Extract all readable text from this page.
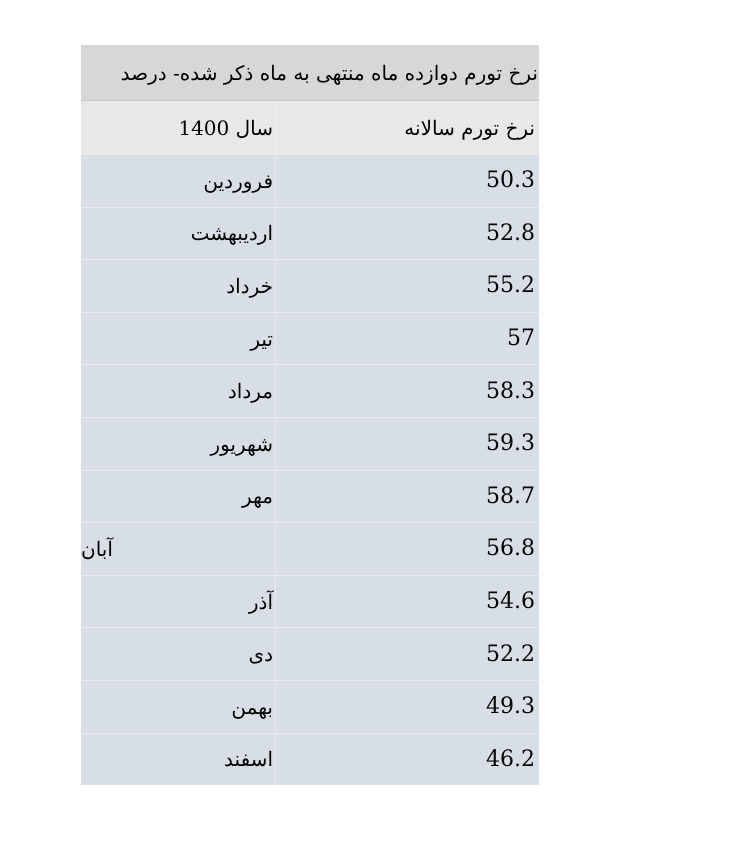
نرخ تورم دوازده ماه منتهی به ماه ذکر شده- درصد
نرخ تورم سالانه
سال 1400
50.3
فروردین
52.8
اردیبهشت
55.2
خرداد
57
تیر
58.3
مرداد
59.3
شهریور
58.7
مهر
56.8
آبان
54.6
آذر
52.2
دی
49.3
بهمن
46.2
اسفند
